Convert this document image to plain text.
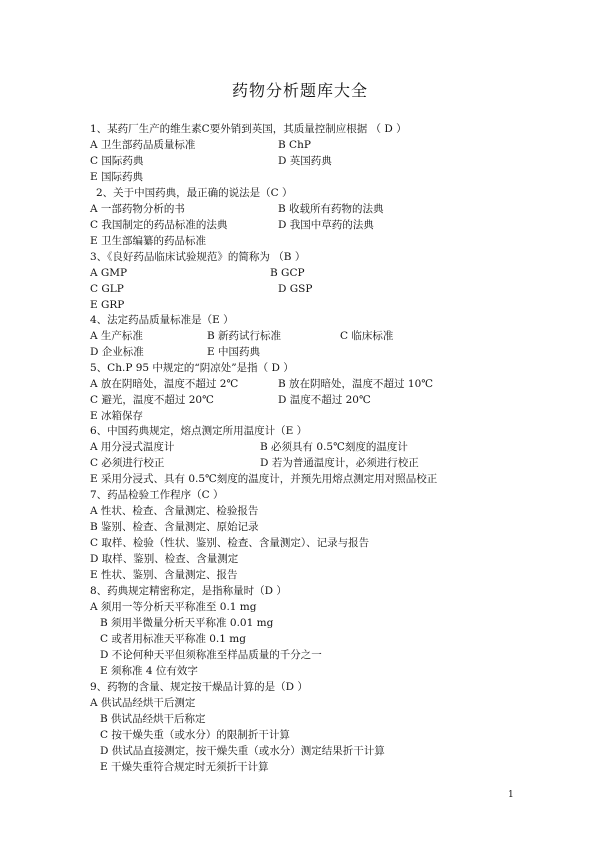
药物分析题库大全
1、某药厂生产的维生素C要外销到英国，其质量控制应根据 （ D ）
A 卫生部药品质量标准	B ChP
C 国际药典	D 英国药典
E 国际药典
2、关于中国药典，最正确的说法是（C ）
A 一部药物分析的书	B 收载所有药物的法典
C 我国制定的药品标准的法典	D 我国中草药的法典
E 卫生部编纂的药品标准
3、《良好药品临床试验规范》的简称为 （B ）
A GMP	B GCP
C GLP	D GSP
E GRP
4、法定药品质量标准是（E ）
A 生产标准	B 新药试行标准	C 临床标准
D 企业标准	E 中国药典
5、Ch.P 95 中规定的“阴凉处”是指（ D ）
A 放在阴暗处，温度不超过 2℃	B 放在阴暗处，温度不超过 10℃
C 避光，温度不超过 20℃	D 温度不超过 20℃
E 冰箱保存
6、中国药典规定，熔点测定所用温度计（E ）
A 用分浸式温度计	B 必须具有 0.5℃刻度的温度计
C 必须进行校正	D 若为普通温度计，必须进行校正
E 采用分浸式、具有 0.5℃刻度的温度计，并预先用熔点测定用对照品校正
7、药品检验工作程序（C ）
A 性状、检查、含量测定、检验报告
B 鉴别、检查、含量测定、原始记录
C 取样、检验（性状、鉴别、检查、含量测定）、记录与报告
D 取样、鉴别、检查、含量测定
E 性状、鉴别、含量测定、报告
8、药典规定精密称定，是指称量时（D ）
A 须用一等分析天平称准至 0.1 mg
B 须用半微量分析天平称准 0.01 mg
C 或者用标准天平称准 0.1 mg
D 不论何种天平但须称准至样品质量的千分之一
E 须称准 4 位有效字
9、药物的含量、规定按干燥品计算的是（D ）
A 供试品经烘干后测定
B 供试品经烘干后称定
C 按干燥失重（或水分）的限制折干计算
D 供试品直接测定，按干燥失重（或水分）测定结果折干计算
E 干燥失重符合规定时无须折干计算
1
